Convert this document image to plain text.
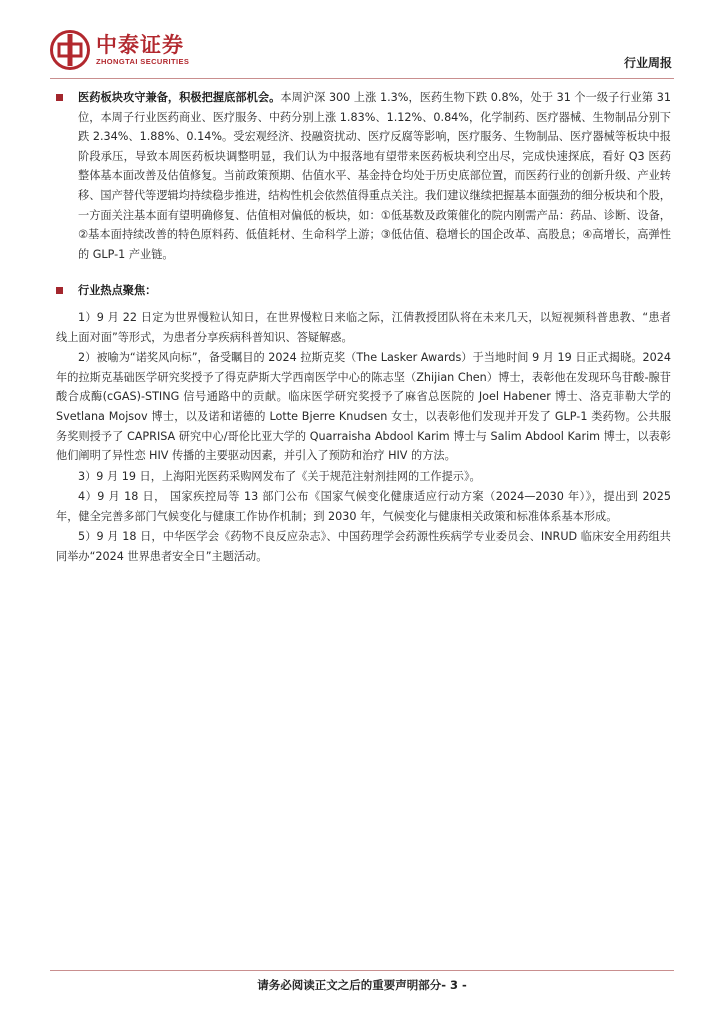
中泰证券
ZHONGTAI SECURITIES	行业周报
医药板块攻守兼备，积极把握底部机会。本周沪深 300 上涨 1.3%，医药生物下跌 0.8%，处于 31 个一级子行业第 31 位，本周子行业医药商业、医疗服务、中药分别上涨 1.83%、1.12%、0.84%，化学制药、医疗器械、生物制品分别下跌 2.34%、1.88%、0.14%。受宏观经济、投融资扰动、医疗反腐等影响，医疗服务、生物制品、医疗器械等板块中报阶段承压，导致本周医药板块调整明显，我们认为中报落地有望带来医药板块利空出尽，完成快速探底，看好 Q3 医药整体基本面改善及估值修复。当前政策预期、估值水平、基金持仓均处于历史底部位置，而医药行业的创新升级、产业转移、国产替代等逻辑均持续稳步推进，结构性机会依然值得重点关注。我们建议继续把握基本面强劲的细分板块和个股，一方面关注基本面有望明确修复、估值相对偏低的板块，如：①低基数及政策催化的院内刚需产品：药品、诊断、设备，②基本面持续改善的特色原料药、低值耗材、生命科学上游；③低估值、稳增长的国企改革、高股息；④高增长，高弹性的 GLP-1 产业链。
行业热点聚焦：

1）9 月 22 日定为世界慢粒认知日，在世界慢粒日来临之际，江倩教授团队将在未来几天，以短视频科普患教、“患者线上面对面”等形式，为患者分享疾病科普知识、答疑解惑。

2）被喻为“诺奖风向标”，备受瞩目的 2024 拉斯克奖（The Lasker Awards）于当地时间 9 月 19 日正式揭晓。2024 年的拉斯克基础医学研究奖授予了得克萨斯大学西南医学中心的陈志坚（Zhijian Chen）博士，表彰他在发现环鸟苷酸-腺苷酸合成酶(cGAS)-STING 信号通路中的贡献。临床医学研究奖授予了麻省总医院的 Joel Habener 博士、洛克菲勒大学的 Svetlana Mojsov 博士，以及诺和诺德的 Lotte Bjerre Knudsen 女士，以表彰他们发现并开发了 GLP-1 类药物。公共服务奖则授予了 CAPRISA 研究中心/哥伦比亚大学的 Quarraisha Abdool Karim 博士与 Salim Abdool Karim 博士，以表彰他们阐明了异性恋 HIV 传播的主要驱动因素，并引入了预防和治疗 HIV 的方法。

3）9 月 19 日，上海阳光医药采购网发布了《关于规范注射剂挂网的工作提示》。

4）9 月 18 日， 国家疾控局等 13 部门公布《国家气候变化健康适应行动方案（2024—2030 年）》，提出到 2025 年，健全完善多部门气候变化与健康工作协作机制；到 2030 年，气候变化与健康相关政策和标准体系基本形成。

5）9 月 18 日，中华医学会《药物不良反应杂志》、中国药理学会药源性疾病学专业委员会、INRUD 临床安全用药组共同举办“2024 世界患者安全日”主题活动。

请务必阅读正文之后的重要声明部分- 3 -
